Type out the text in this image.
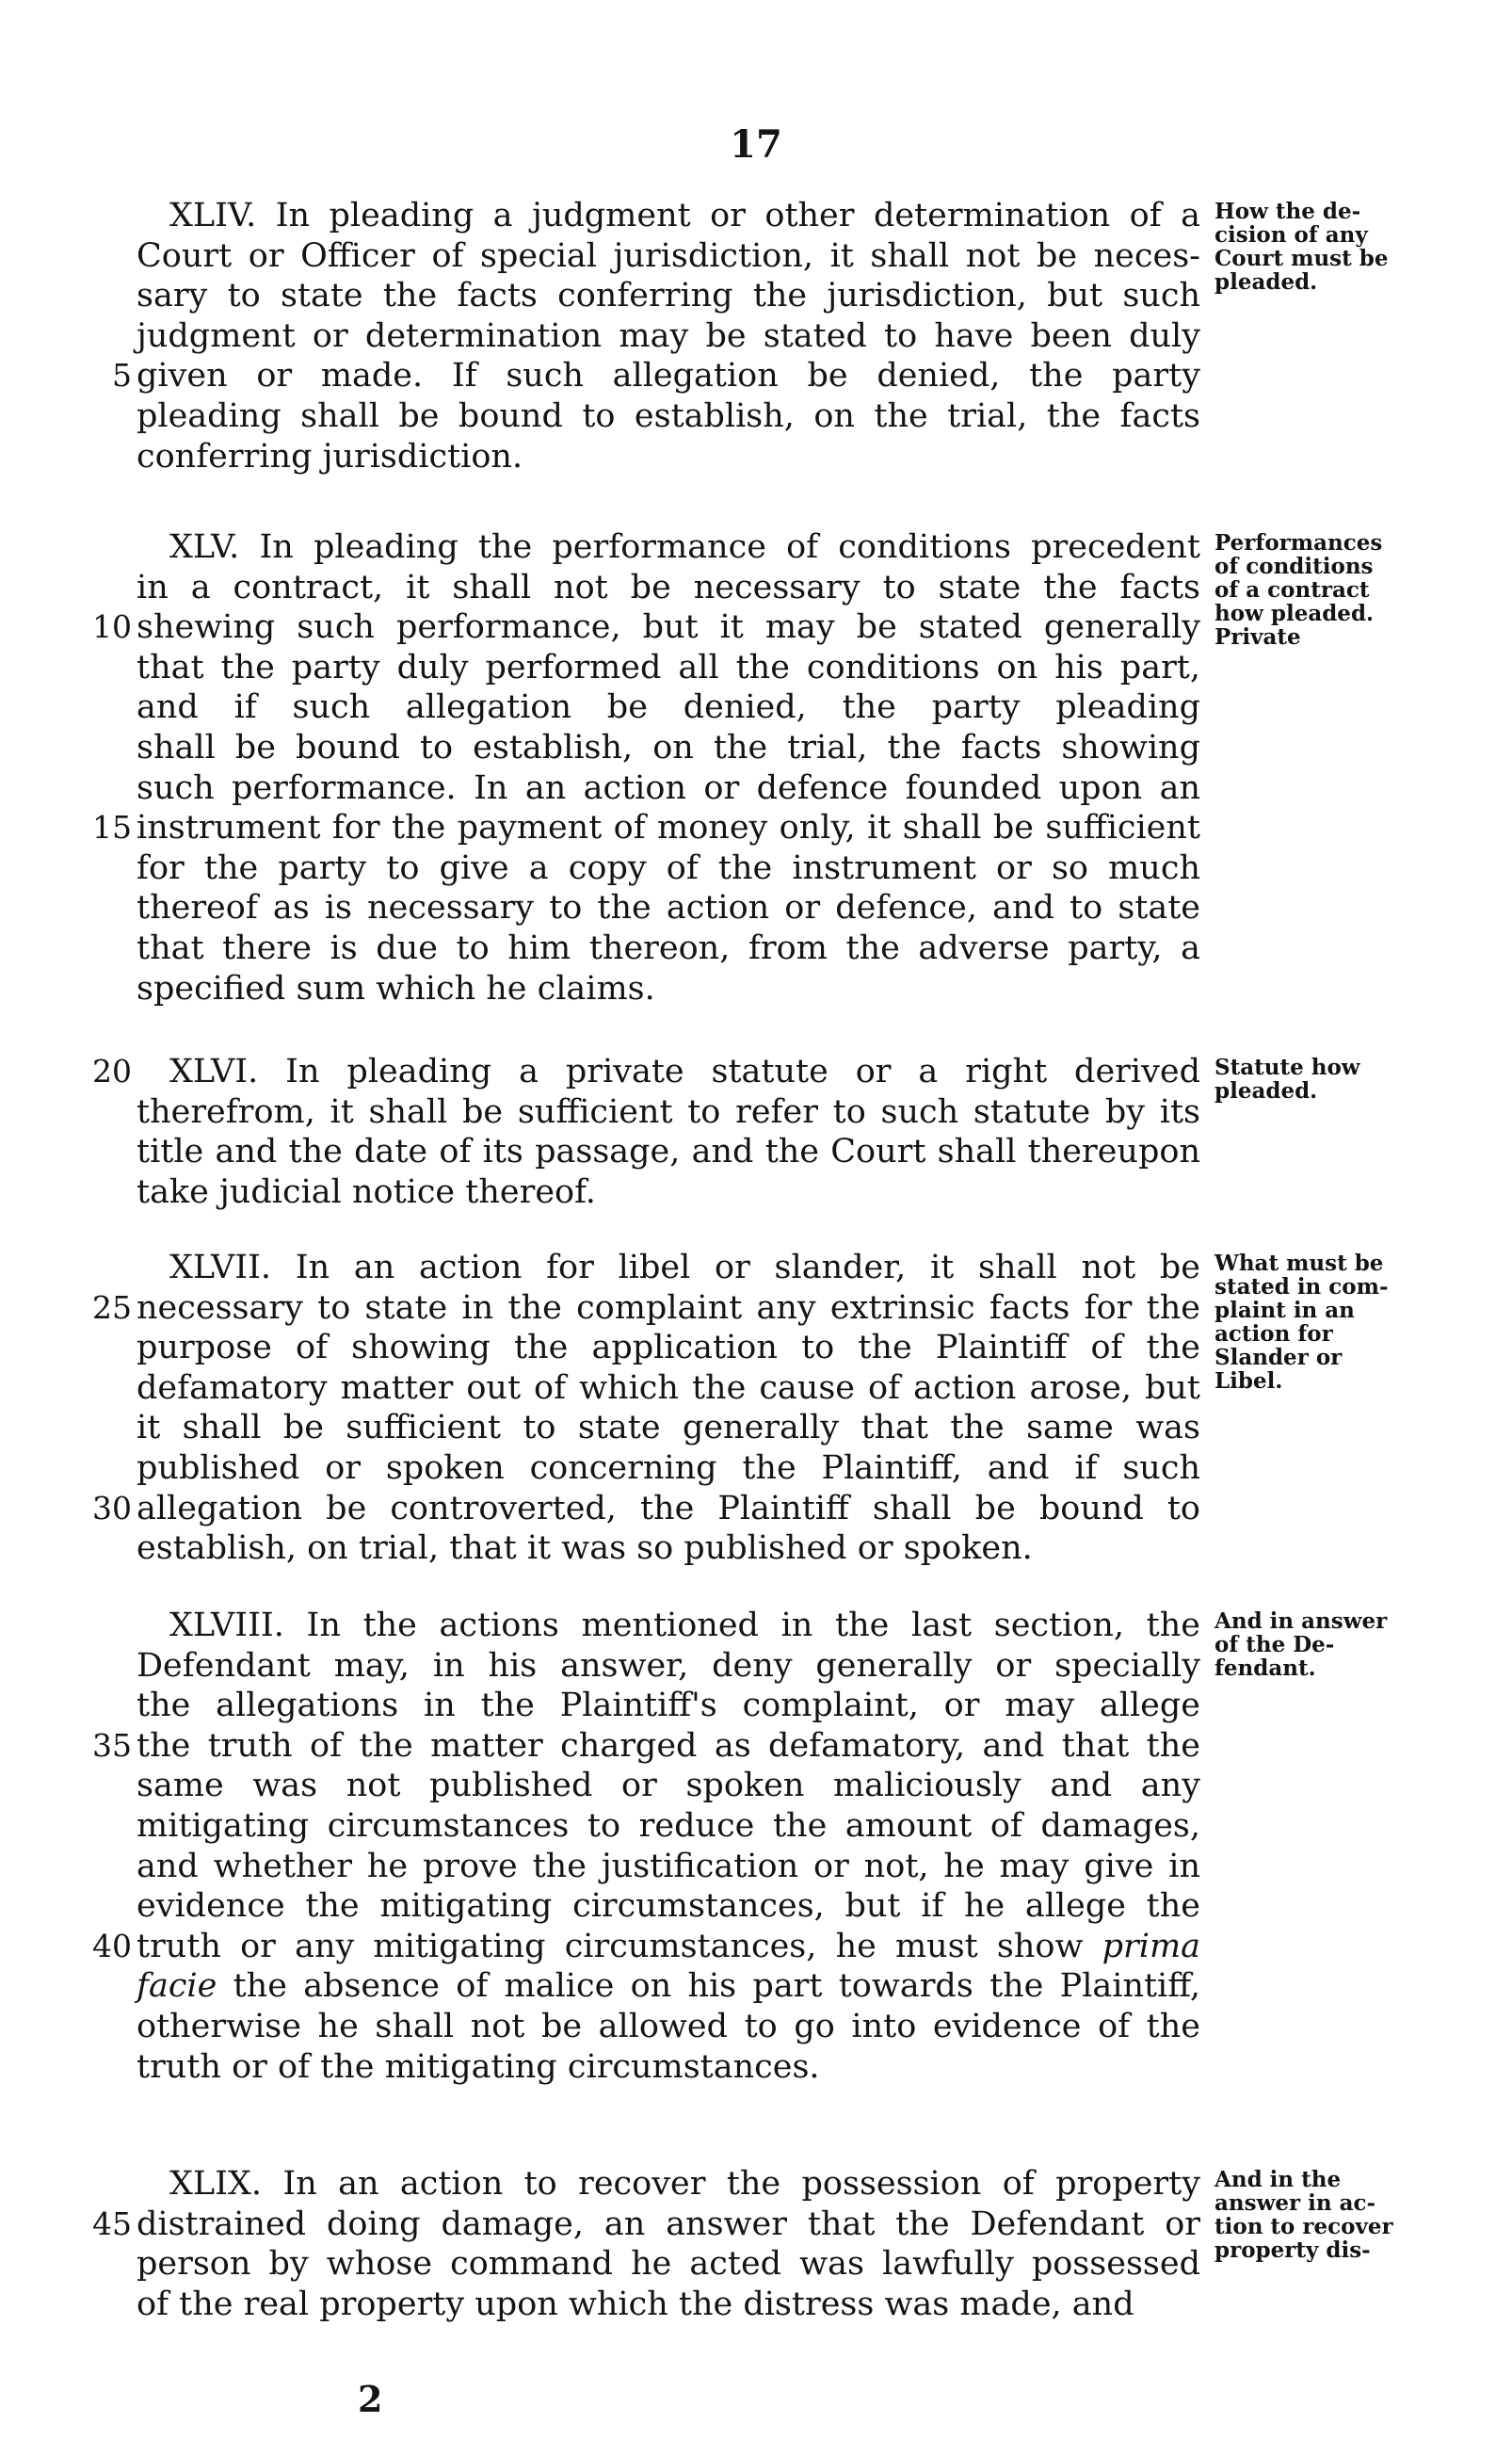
17
XLIV. In pleading a judgment or other determination of a
Court or Officer of special jurisdiction, it shall not be neces-
sary to state the facts conferring the jurisdiction, but such
judgment or determination may be stated to have been duly
given or made. If such allegation be denied, the party
5
pleading shall be bound to establish, on the trial, the facts
conferring jurisdiction.
How the de-
cision of any
Court must be
pleaded.
XLV. In pleading the performance of conditions precedent
in a contract, it shall not be necessary to state the facts
shewing such performance, but it may be stated generally
10
that the party duly performed all the conditions on his part,
and if such allegation be denied, the party pleading
shall be bound to establish, on the trial, the facts showing
such performance. In an action or defence founded upon an
instrument for the payment of money only, it shall be sufficient
15
for the party to give a copy of the instrument or so much
thereof as is necessary to the action or defence, and to state
that there is due to him thereon, from the adverse party, a
specified sum which he claims.
Performances
of conditions
of a contract
how pleaded.
Private
XLVI. In pleading a private statute or a right derived
20
therefrom, it shall be sufficient to refer to such statute by its
title and the date of its passage, and the Court shall thereupon
take judicial notice thereof.
Statute how
pleaded.
XLVII. In an action for libel or slander, it shall not be
necessary to state in the complaint any extrinsic facts for the
25
purpose of showing the application to the Plaintiff of the
defamatory matter out of which the cause of action arose, but
it shall be sufficient to state generally that the same was
published or spoken concerning the Plaintiff, and if such
allegation be controverted, the Plaintiff shall be bound to
30
establish, on trial, that it was so published or spoken.
What must be
stated in com-
plaint in an
action for
Slander or
Libel.
XLVIII. In the actions mentioned in the last section, the
Defendant may, in his answer, deny generally or specially
the allegations in the Plaintiff's complaint, or may allege
the truth of the matter charged as defamatory, and that the
35
same was not published or spoken maliciously and any
mitigating circumstances to reduce the amount of damages,
and whether he prove the justification or not, he may give in
evidence the mitigating circumstances, but if he allege the
truth or any mitigating circumstances, he must show prima
40
facie the absence of malice on his part towards the Plaintiff,
otherwise he shall not be allowed to go into evidence of the
truth or of the mitigating circumstances.
And in answer
of the De-
fendant.
XLIX. In an action to recover the possession of property
distrained doing damage, an answer that the Defendant or
45
person by whose command he acted was lawfully possessed
of the real property upon which the distress was made, and
And in the
answer in ac-
tion to recover
property dis-
2
